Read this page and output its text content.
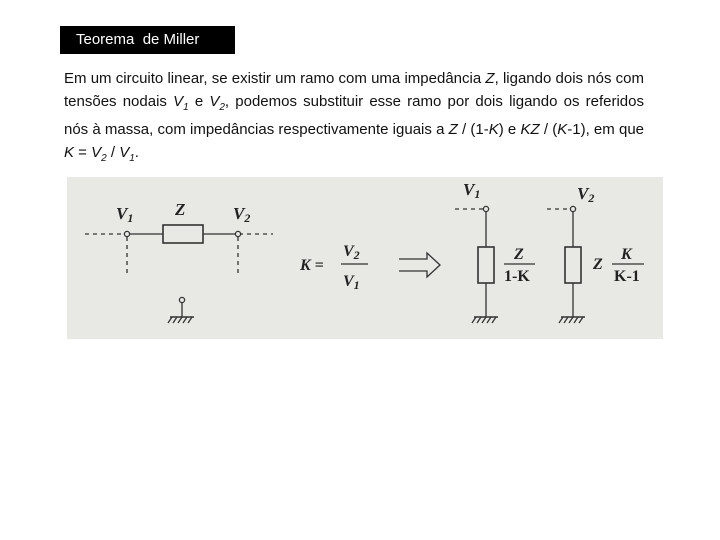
Teorema  de Miller
Em um circuito linear, se existir um ramo com uma impedância Z, ligando dois nós com tensões nodais $V_1$ e $V_2$, podemos substituir esse ramo por dois ligando os referidos nós à massa, com impedâncias respectivamente iguais a Z / (1-K) e KZ / (K-1), em que $K = V_2 / V_1$.
V1 Z	V2
K =
V2
V1
V1
Z
1-K
V2
Z
K
K-1
